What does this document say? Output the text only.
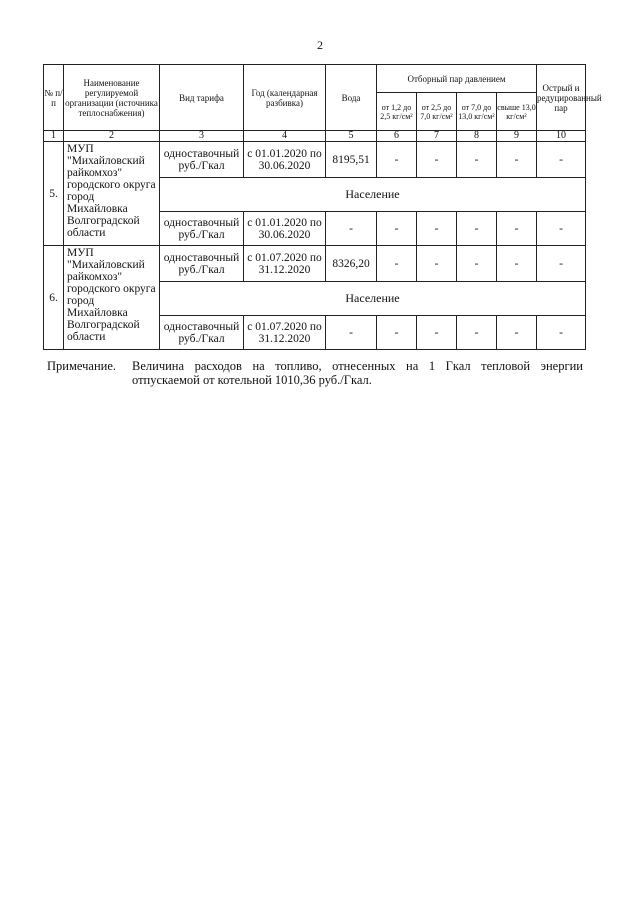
2
№ п/п	Наименование регулируемой организации (источника теплоснабжения)	Вид тарифа	Год (календарная разбивка)	Вода	Отборный пар давлением				Острый и редуцированный пар
					от 1,2 до 2,5 кг/см²	от 2,5 до 7,0 кг/см²	от 7,0 до 13,0 кг/см²	свыше 13,0 кг/см²	
1	2	3	4	5	6	7	8	9	10
5.	МУП "Михайловский райкомхоз" городского округа город Михайловка Волгоградской области	одноставочный руб./Гкал	с 01.01.2020 по 30.06.2020	8195,51	-	-	-	-	-
		Население							
		одноставочный руб./Гкал	с 01.01.2020 по 30.06.2020	-	-	-	-	-	-
6.	МУП "Михайловский райкомхоз" городского округа город Михайловка Волгоградской области	одноставочный руб./Гкал	с 01.07.2020 по 31.12.2020	8326,20	-	-	-	-	-
		Население							
		одноставочный руб./Гкал	с 01.07.2020 по 31.12.2020	-	-	-	-	-	-
Примечание. Величина расходов на топливо, отнесенных на 1 Гкал тепловой энергии
отпускаемой от котельной 1010,36 руб./Гкал.
